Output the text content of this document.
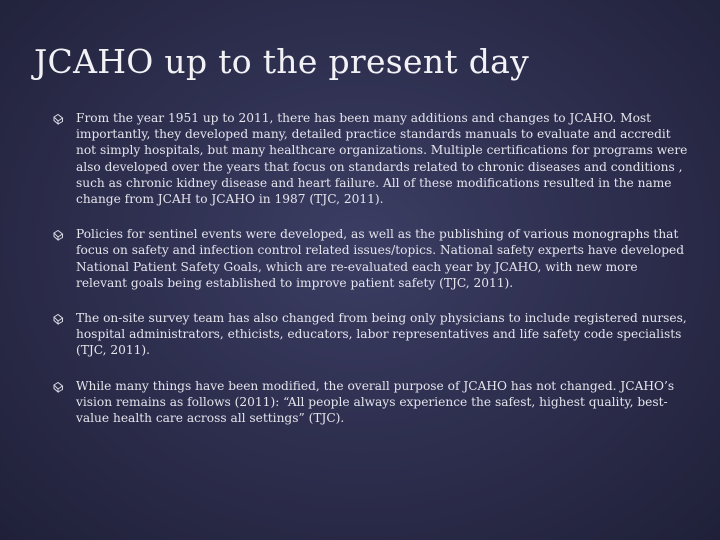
JCAHO up to the present day

From the year 1951 up to 2011, there has been many additions and changes to JCAHO. Most importantly, they developed many, detailed practice standards manuals to evaluate and accredit not simply hospitals, but many healthcare organizations. Multiple certifications for programs were also developed over the years that focus on standards related to chronic diseases and conditions , such as chronic kidney disease and heart failure. All of these modifications resulted in the name change from JCAH to JCAHO in 1987 (TJC, 2011).

Policies for sentinel events were developed, as well as the publishing of various monographs that focus on safety and infection control related issues/topics. National safety experts have developed National Patient Safety Goals, which are re-evaluated each year by JCAHO, with new more relevant goals being established to improve patient safety (TJC, 2011).

The on-site survey team has also changed from being only physicians to include registered nurses, hospital administrators, ethicists, educators, labor representatives and life safety code specialists (TJC, 2011).

While many things have been modified, the overall purpose of JCAHO has not changed. JCAHO’s vision remains as follows (2011): “All people always experience the safest, highest quality, best-value health care across all settings” (TJC).
